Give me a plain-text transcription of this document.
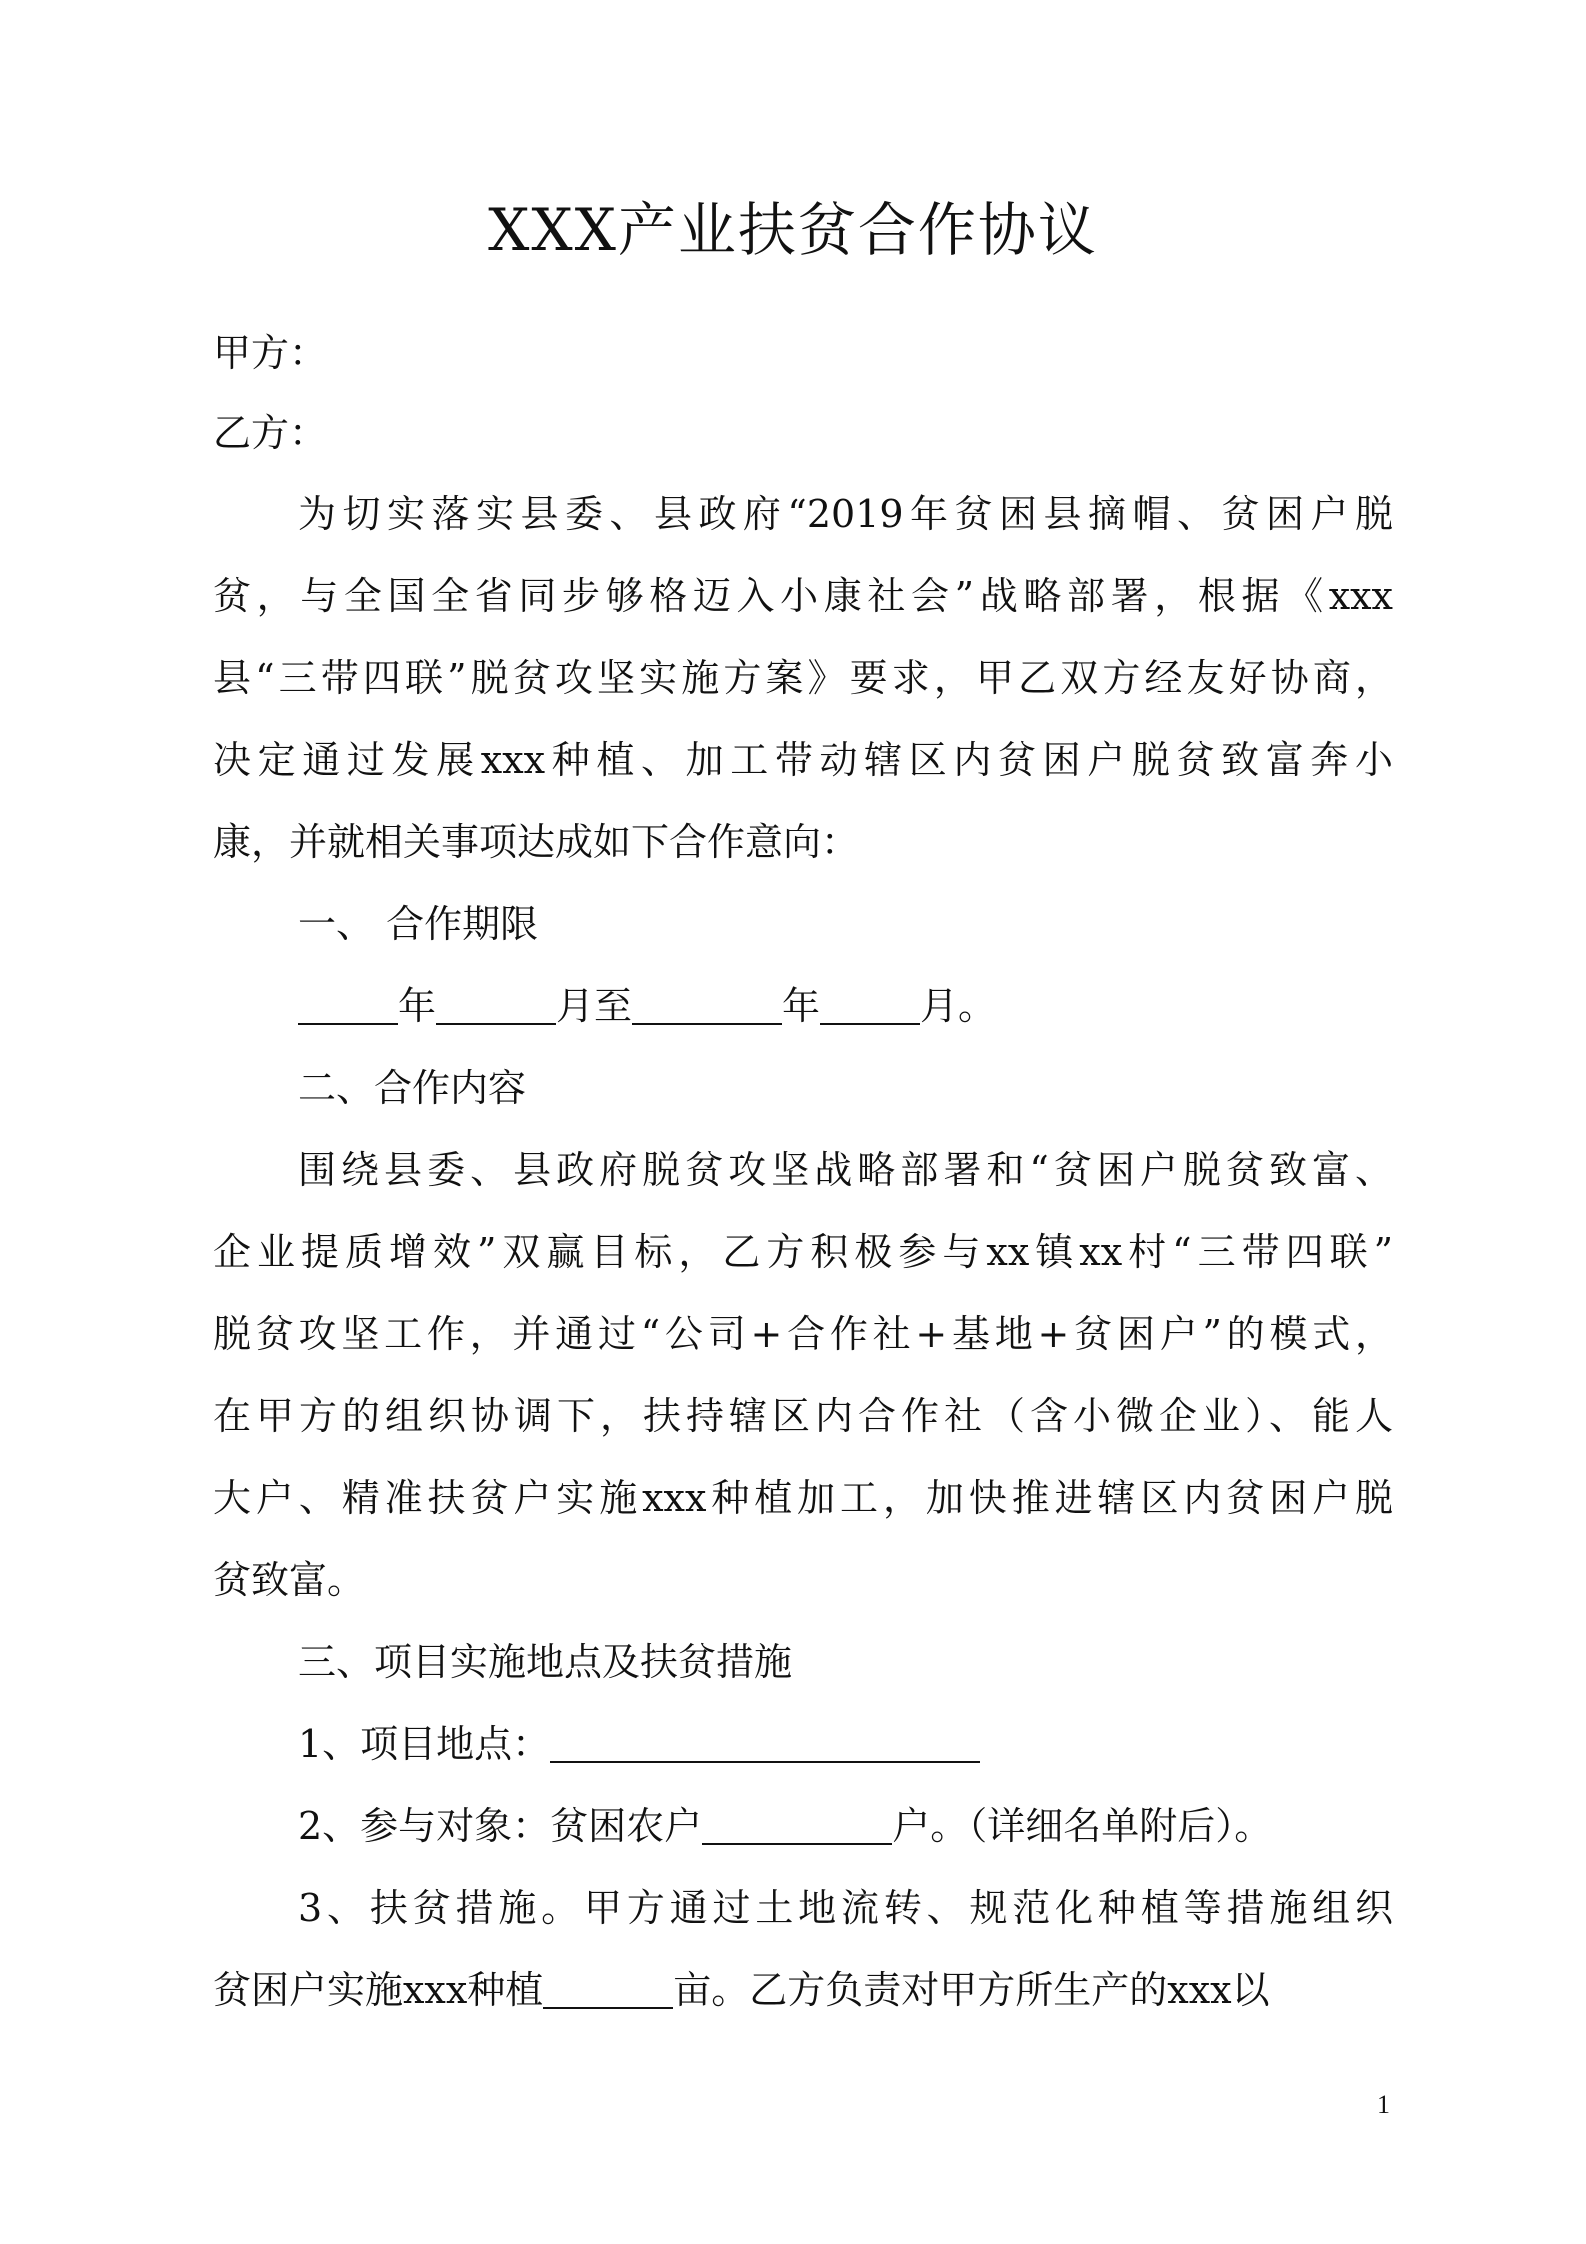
XXX产业扶贫合作协议
甲方：
乙方：
为切实落实县委、县政府“2019年贫困县摘帽、贫困户脱
贫，与全国全省同步够格迈入小康社会”战略部署，根据《xxx
县“三带四联”脱贫攻坚实施方案》要求，甲乙双方经友好协商，
决定通过发展xxx种植、加工带动辖区内贫困户脱贫致富奔小
康，并就相关事项达成如下合作意向：
一、 合作期限
年	月至	年	月。
二、合作内容
围绕县委、县政府脱贫攻坚战略部署和“贫困户脱贫致富、
企业提质增效”双赢目标，乙方积极参与xx镇xx村“三带四联”
脱贫攻坚工作，并通过“公司+合作社+基地+贫困户”的模式，
在甲方的组织协调下，扶持辖区内合作社（含小微企业）、能人
大户、精准扶贫户实施xxx种植加工，加快推进辖区内贫困户脱
贫致富。
三、项目实施地点及扶贫措施
1、项目地点：
2、参与对象：贫困农户	户。（详细名单附后）。
3、扶贫措施。甲方通过土地流转、规范化种植等措施组织
贫困户实施xxx种植	亩。乙方负责对甲方所生产的xxx以
1
